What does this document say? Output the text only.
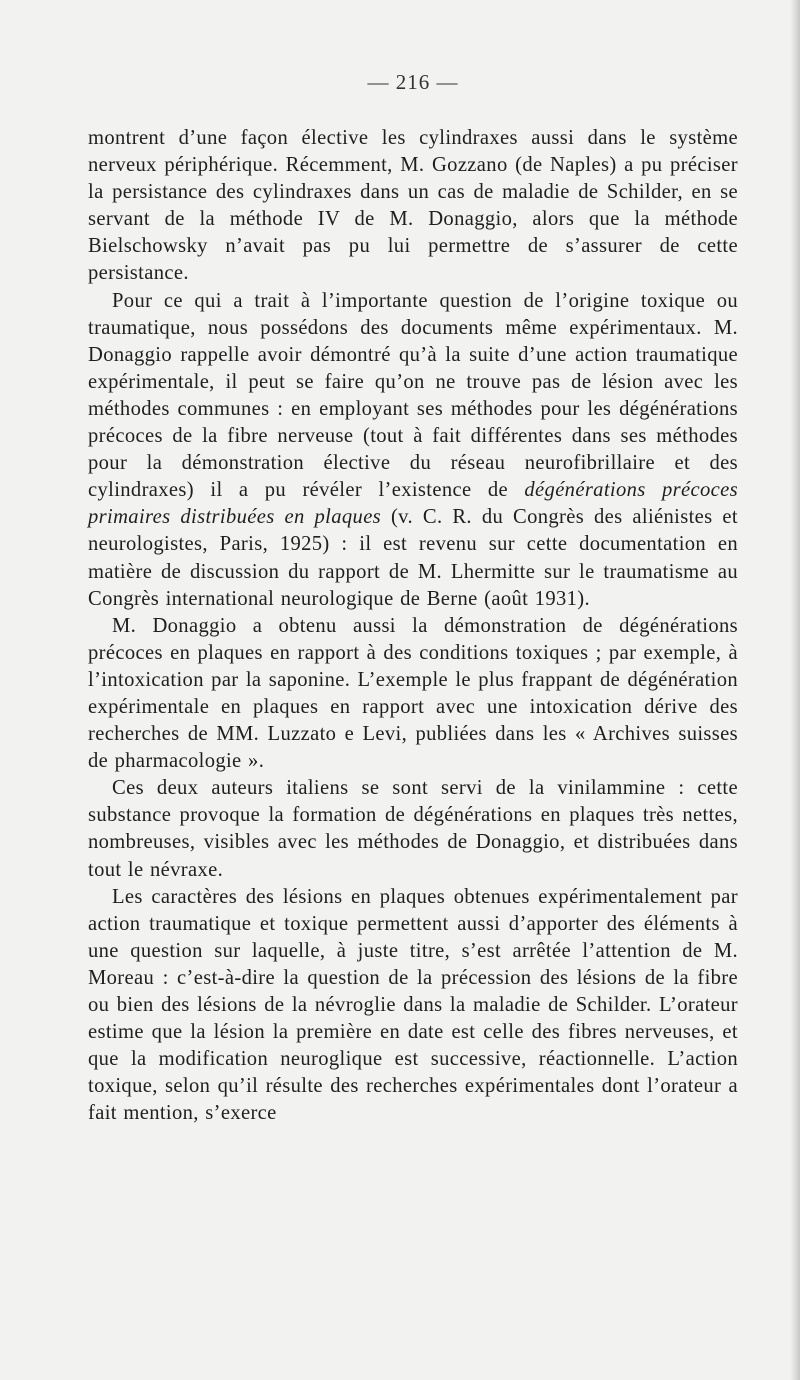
— 216 —

montrent d’une façon élective les cylindraxes aussi dans le système nerveux périphérique. Récemment, M. Gozzano (de Naples) a pu préciser la persistance des cylindraxes dans un cas de maladie de Schilder, en se servant de la méthode IV de M. Donaggio, alors que la méthode Bielschowsky n’avait pas pu lui permettre de s’assurer de cette persistance.

Pour ce qui a trait à l’importante question de l’origine toxique ou traumatique, nous possédons des documents même expérimentaux. M. Donaggio rappelle avoir démontré qu’à la suite d’une action traumatique expérimentale, il peut se faire qu’on ne trouve pas de lésion avec les méthodes communes : en employant ses méthodes pour les dégénérations précoces de la fibre nerveuse (tout à fait différentes dans ses méthodes pour la démonstration élective du réseau neurofibrillaire et des cylindraxes) il a pu révéler l’existence de dégénérations précoces primaires distribuées en plaques (v. C. R. du Congrès des aliénistes et neurologistes, Paris, 1925) : il est revenu sur cette documentation en matière de discussion du rapport de M. Lhermitte sur le traumatisme au Congrès international neurologique de Berne (août 1931).

M. Donaggio a obtenu aussi la démonstration de dégénérations précoces en plaques en rapport à des conditions toxiques ; par exemple, à l’intoxication par la saponine. L’exemple le plus frappant de dégénération expérimentale en plaques en rapport avec une intoxication dérive des recherches de MM. Luzzato e Levi, publiées dans les « Archives suisses de pharmacologie ».

Ces deux auteurs italiens se sont servi de la vinilammine : cette substance provoque la formation de dégénérations en plaques très nettes, nombreuses, visibles avec les méthodes de Donaggio, et distribuées dans tout le névraxe.

Les caractères des lésions en plaques obtenues expérimentalement par action traumatique et toxique permettent aussi d’apporter des éléments à une question sur laquelle, à juste titre, s’est arrêtée l’attention de M. Moreau : c’est-à-dire la question de la précession des lésions de la fibre ou bien des lésions de la névroglie dans la maladie de Schilder. L’orateur estime que la lésion la première en date est celle des fibres nerveuses, et que la modification neuroglique est successive, réactionnelle. L’action toxique, selon qu’il résulte des recherches expérimentales dont l’orateur a fait mention, s’exerce
